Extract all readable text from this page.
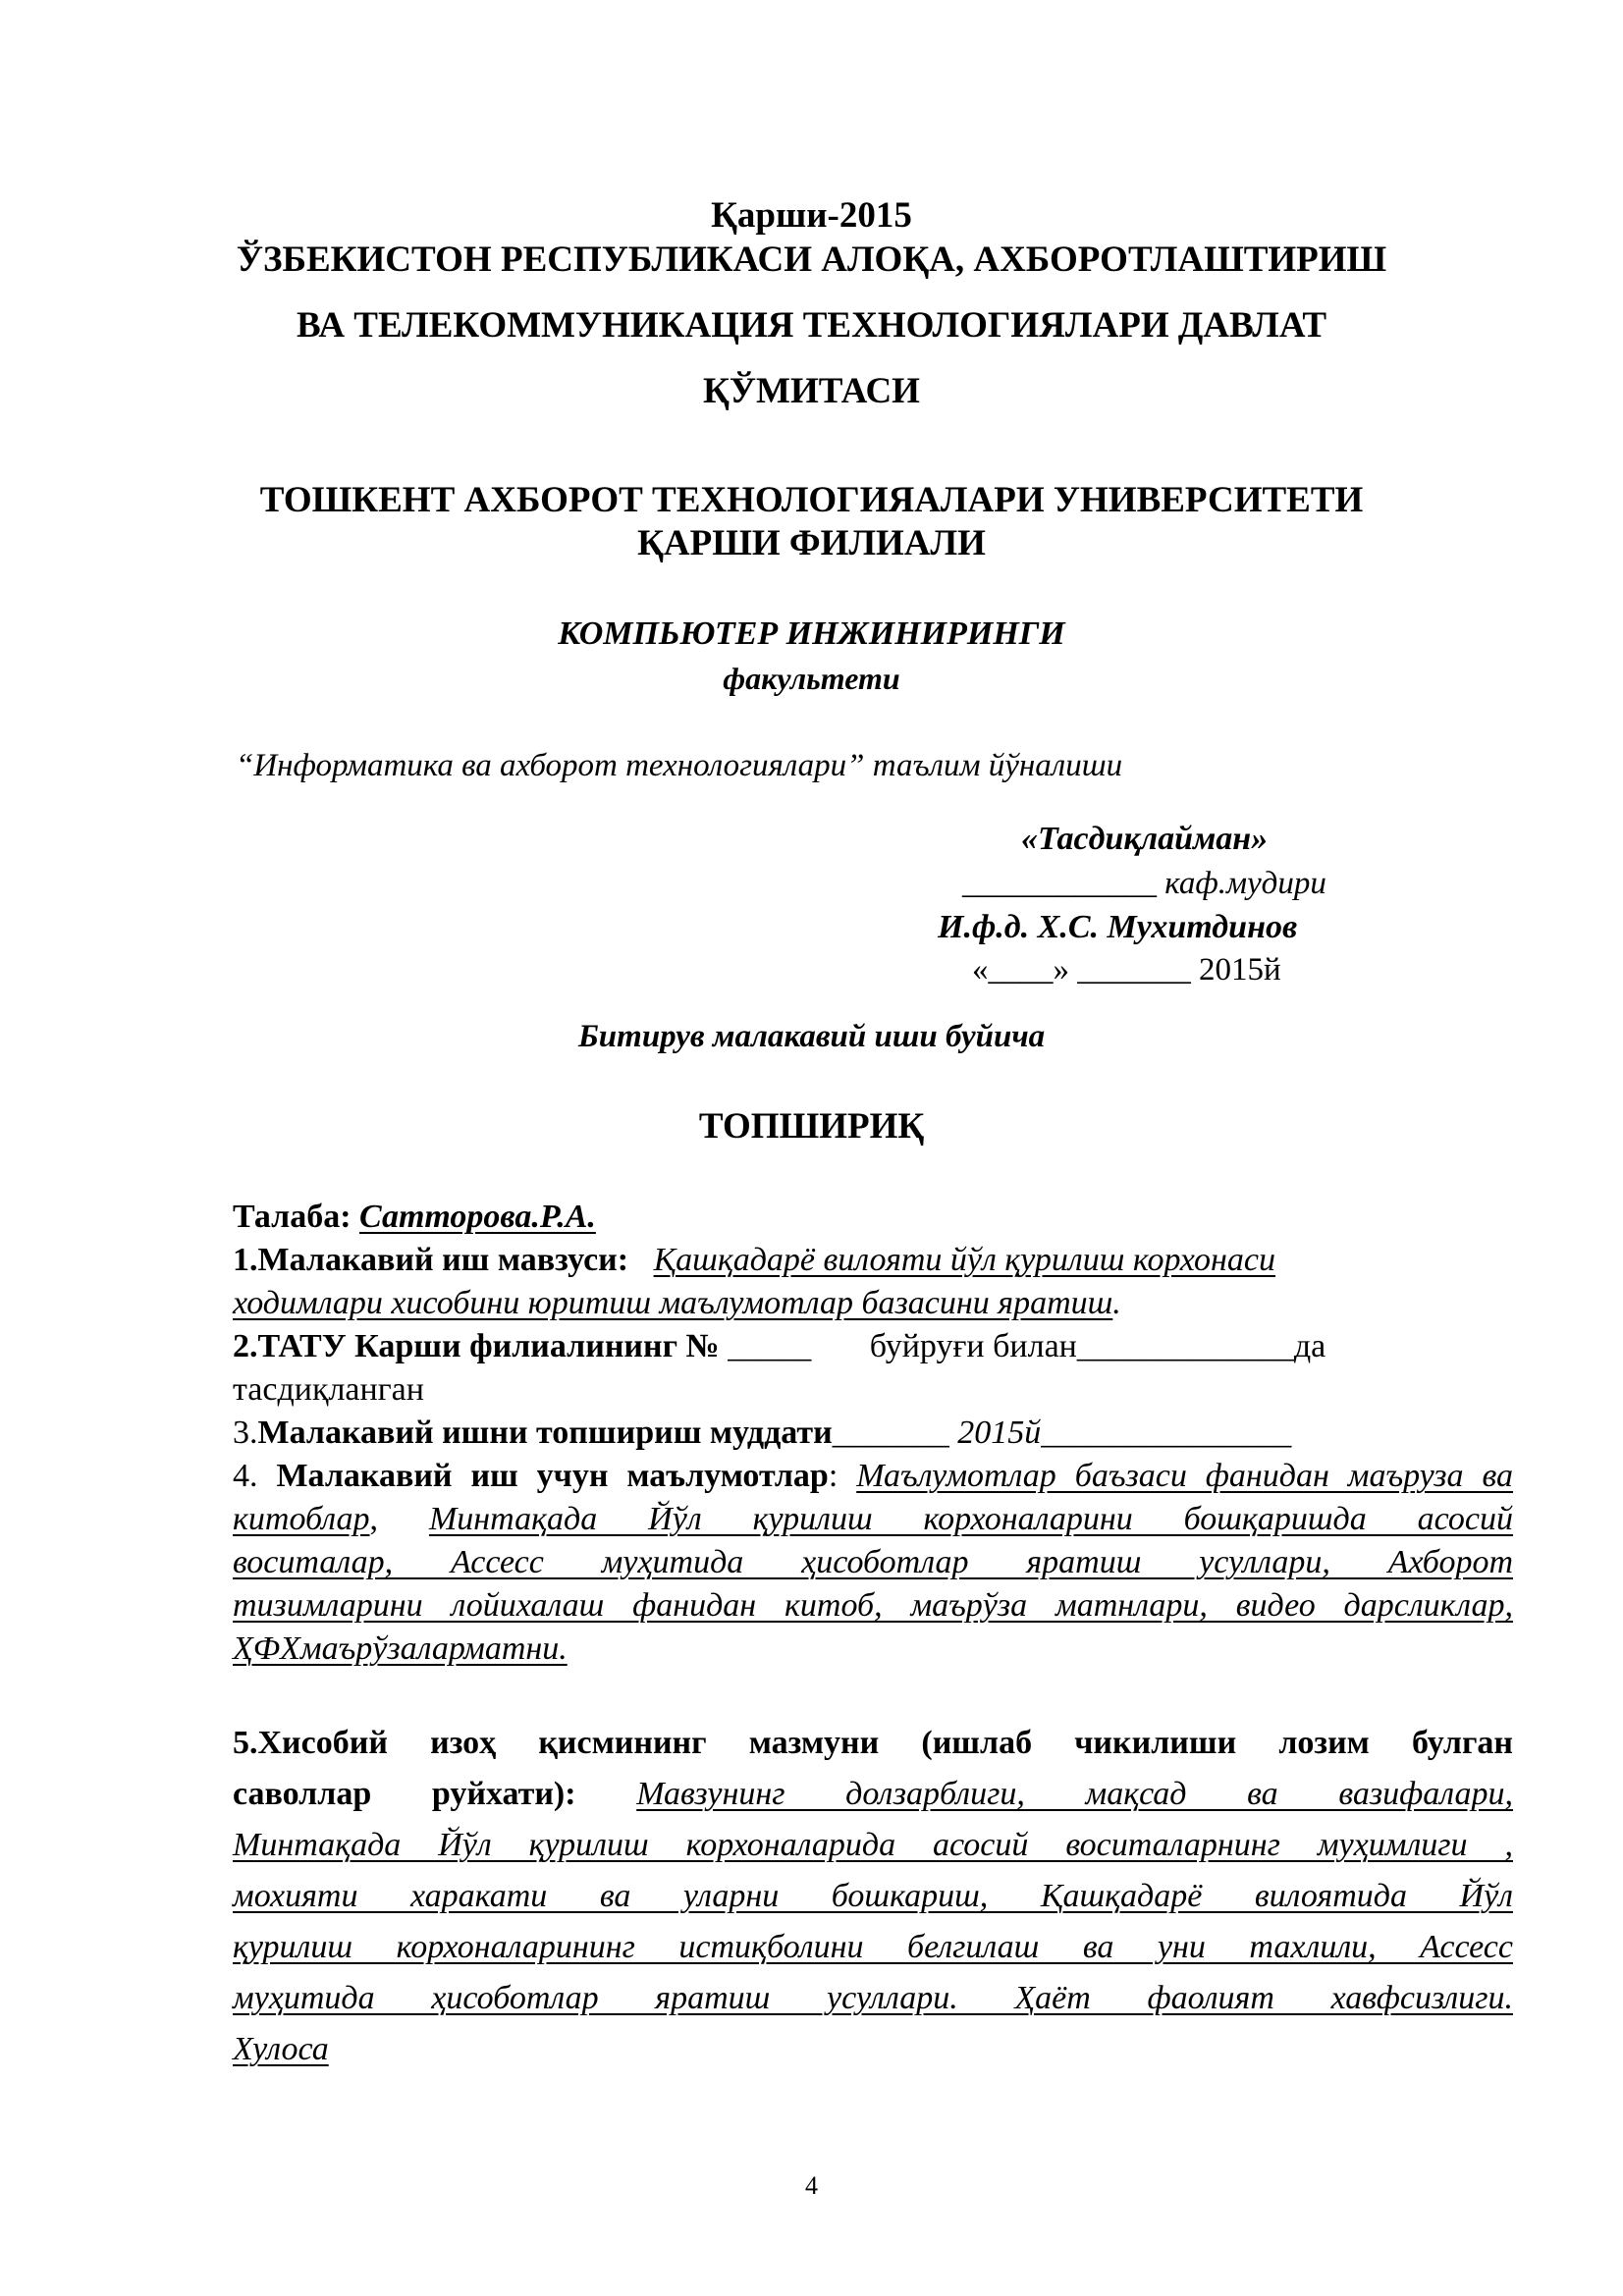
Қарши-2015
ЎЗБЕКИСТОН РЕСПУБЛИКАСИ АЛОҚА, АХБОРОТЛАШТИРИШ
ВА ТЕЛЕКОММУНИКАЦИЯ ТЕХНОЛОГИЯЛАРИ ДАВЛАТ
ҚЎМИТАСИ
ТОШКЕНТ АХБОРОТ ТЕХНОЛОГИЯАЛАРИ УНИВЕРСИТЕТИ
ҚАРШИ ФИЛИАЛИ
КОМПЬЮТЕР ИНЖИНИРИНГИ
факультети
“Информатика ва ахборот технологиялари” таълим йўналиши
«Тасдиқлайман»
____________ каф.мудири
И.ф.д. Х.С. Мухитдинов
«____» _______ 2015й
Битирув малакавий иши буйича
ТОПШИРИҚ
Талаба: Сатторова.Р.А.
1.Малакавий иш мавзуси: Қашқадарё вилояти йўл қурилиш корхонаси
ходимлари хисобини юритиш маълумотлар базасини яратиш.
2.ТАТУ Карши филиалининг № _____ буйруғи билан_____________да
тасдиқланган
3.Малакавий ишни топшириш муддати_______ 2015й_______________
4. Малакавий иш учун маълумотлар: Маълумотлар баъзаси фанидан маъруза ва
китоблар, Минтақада Йўл қурилиш корхоналарини бошқаришда асосий
воситалар, Ассесс муҳитида ҳисоботлар яратиш усуллари, Ахборот
тизимларини лойихалаш фанидан китоб, маърўза матнлари, видео дарсликлар,
ҲФХмаърўзалармaтни.
5.Хисобий изоҳ қисмининг мазмуни (ишлаб чикилиши лозим булган
саволлар руйхати): Мавзунинг долзарблиги, мақсад ва вазифалари,
Минтақада Йўл қурилиш корхоналарида асосий воситаларнинг муҳимлиги ,
мохияти харакати ва уларни бошкариш, Қашқадарё вилоятида Йўл
қурилиш корхоналарининг истиқболини белгилаш ва уни тахлили, Ассесс
муҳитида ҳисоботлар яратиш усуллари. Ҳаёт фаолият хавфсизлиги.
Хулоса
4
